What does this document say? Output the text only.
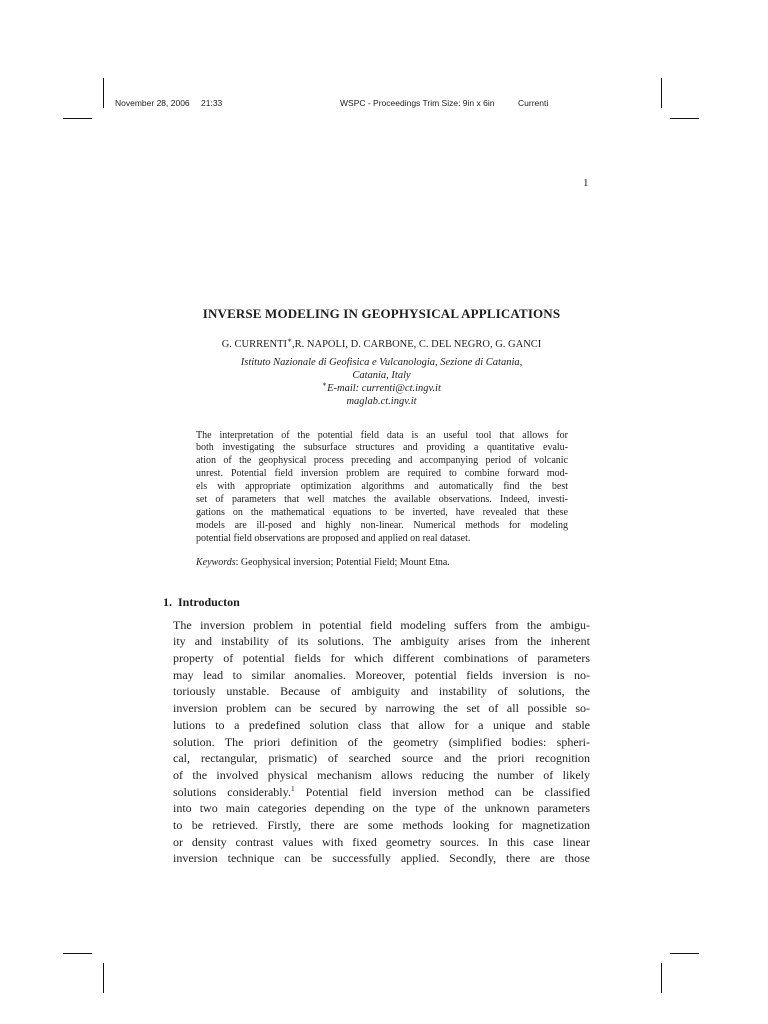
November 28, 2006 21:33	WSPC - Proceedings Trim Size: 9in x 6in	Currenti
1
INVERSE MODELING IN GEOPHYSICAL APPLICATIONS
G. CURRENTI∗,R. NAPOLI, D. CARBONE, C. DEL NEGRO, G. GANCI
Istituto Nazionale di Geofisica e Vulcanologia, Sezione di Catania,
Catania, Italy
∗E-mail: currenti@ct.ingv.it
maglab.ct.ingv.it
The interpretation of the potential field data is an useful tool that allows for
both investigating the subsurface structures and providing a quantitative evalu-
ation of the geophysical process preceding and accompanying period of volcanic
unrest. Potential field inversion problem are required to combine forward mod-
els with appropriate optimization algorithms and automatically find the best
set of parameters that well matches the available observations. Indeed, investi-
gations on the mathematical equations to be inverted, have revealed that these
models are ill-posed and highly non-linear. Numerical methods for modeling
potential field observations are proposed and applied on real dataset.
Keywords: Geophysical inversion; Potential Field; Mount Etna.
1. Introducton
The inversion problem in potential field modeling suffers from the ambigu-
ity and instability of its solutions. The ambiguity arises from the inherent
property of potential fields for which different combinations of parameters
may lead to similar anomalies. Moreover, potential fields inversion is no-
toriously unstable. Because of ambiguity and instability of solutions, the
inversion problem can be secured by narrowing the set of all possible so-
lutions to a predefined solution class that allow for a unique and stable
solution. The priori definition of the geometry (simplified bodies: spheri-
cal, rectangular, prismatic) of searched source and the priori recognition
of the involved physical mechanism allows reducing the number of likely
solutions considerably.$^1$ Potential field inversion method can be classified
into two main categories depending on the type of the unknown parameters
to be retrieved. Firstly, there are some methods looking for magnetization
or density contrast values with fixed geometry sources. In this case linear
inversion technique can be successfully applied. Secondly, there are those
